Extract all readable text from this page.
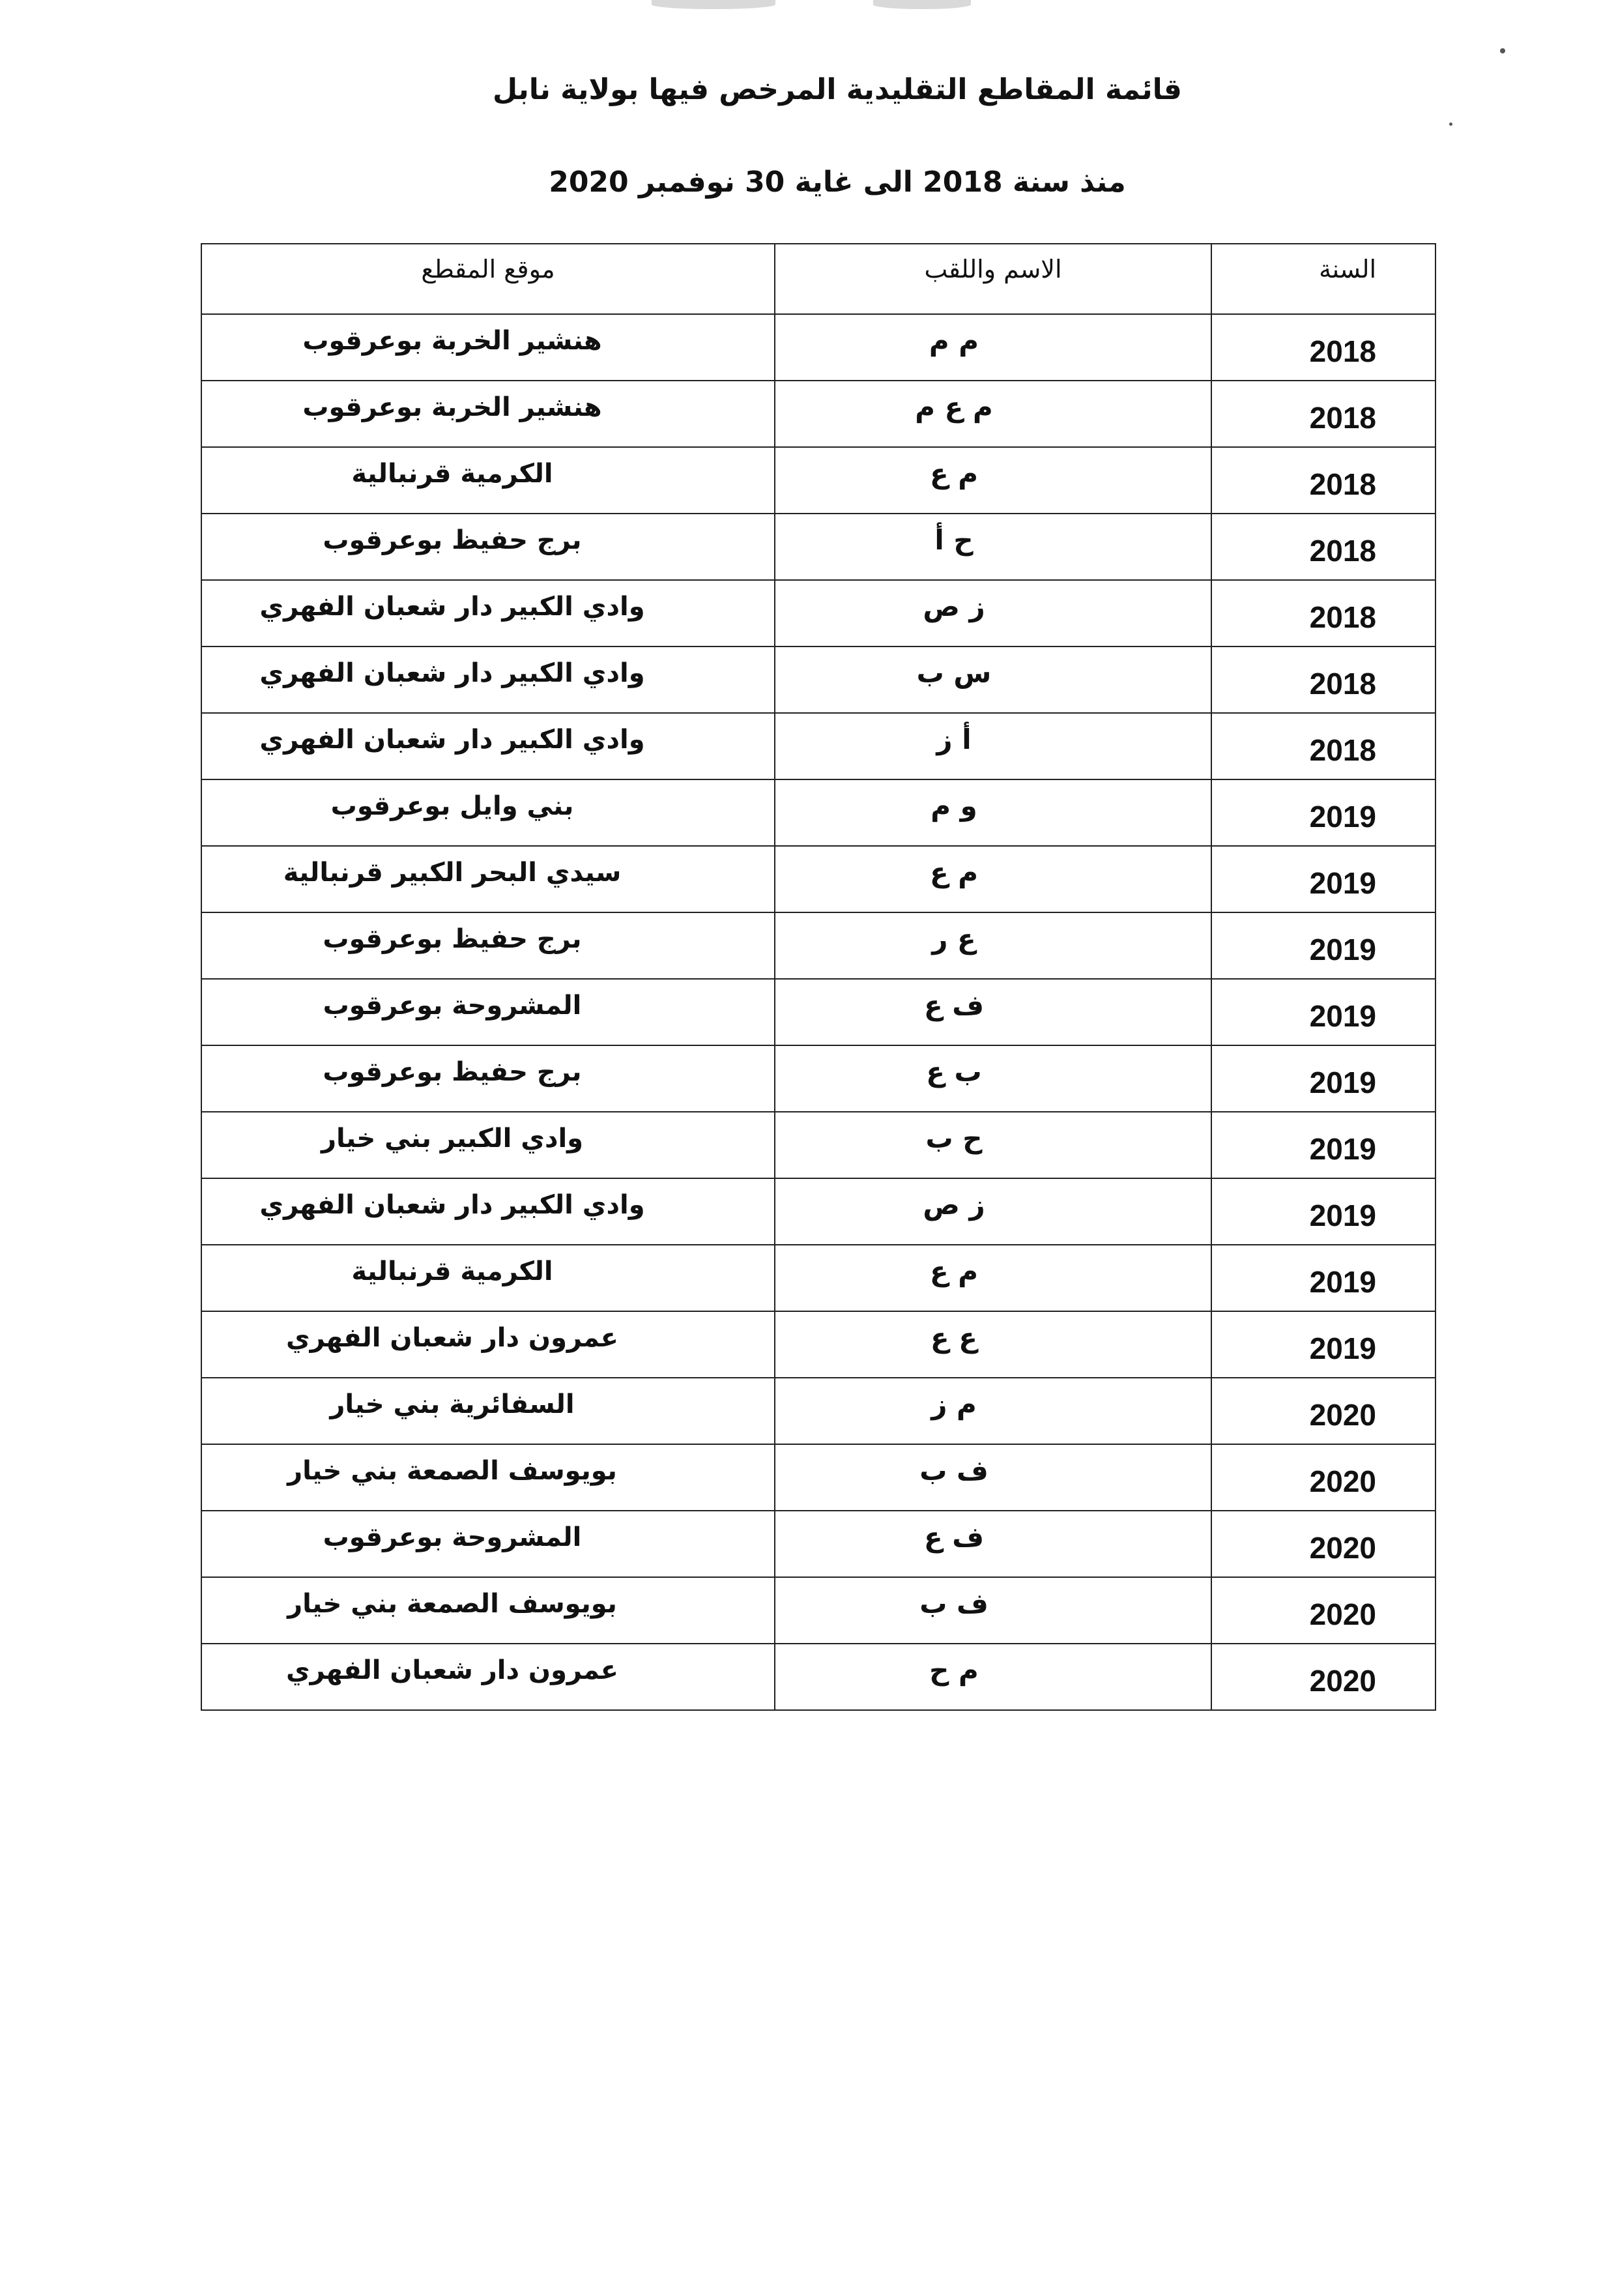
قائمة المقاطع التقليدية المرخص فيها بولاية نابل
منذ سنة 2018 الى غاية 30 نوفمبر 2020
موقع المقطع	الاسم واللقب	السنة

هنشير الخربة بوعرقوب	م م	2018

هنشير الخربة بوعرقوب	م ع م	2018

الكرمية قرنبالية	م ع	2018

برج حفيظ بوعرقوب	ح أ	2018

وادي الكبير دار شعبان الفهري	ز ص	2018

وادي الكبير دار شعبان الفهري	س ب	2018

وادي الكبير دار شعبان الفهري	أ ز	2018

بني وايل بوعرقوب	و م	2019

سيدي البحر الكبير قرنبالية	م ع	2019

برج حفيظ بوعرقوب	ع ر	2019

المشروحة بوعرقوب	ف ع	2019

برج حفيظ بوعرقوب	ب ع	2019

وادي الكبير بني خيار	ح ب	2019

وادي الكبير دار شعبان الفهري	ز ص	2019

الكرمية قرنبالية	م ع	2019

عمرون دار شعبان الفهري	ع ع	2019

السفائرية بني خيار	م ز	2020

بويوسف الصمعة بني خيار	ف ب	2020

المشروحة بوعرقوب	ف ع	2020

بويوسف الصمعة بني خيار	ف ب	2020

عمرون دار شعبان الفهري	م ح	2020
